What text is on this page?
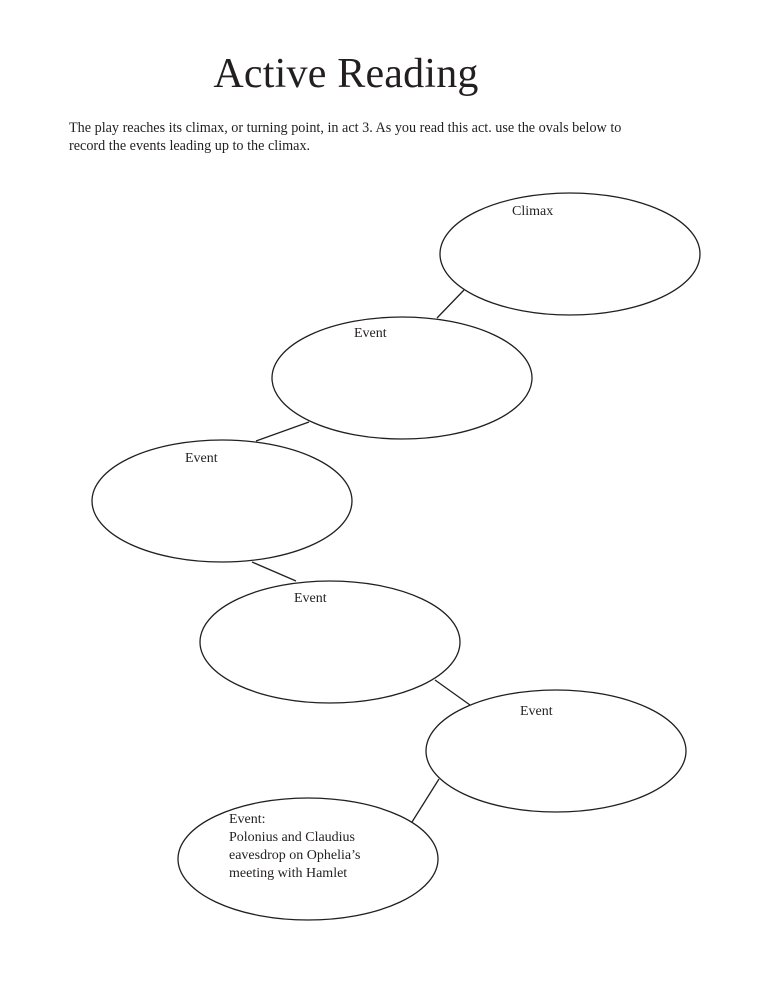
Active Reading

The play reaches its climax, or turning point, in act 3. As you read this act. use the ovals below to
record the events leading up to the climax.

Climax
Event
Event
Event
Event
Event:
Polonius and Claudius
eavesdrop on Ophelia’s
meeting with Hamlet
